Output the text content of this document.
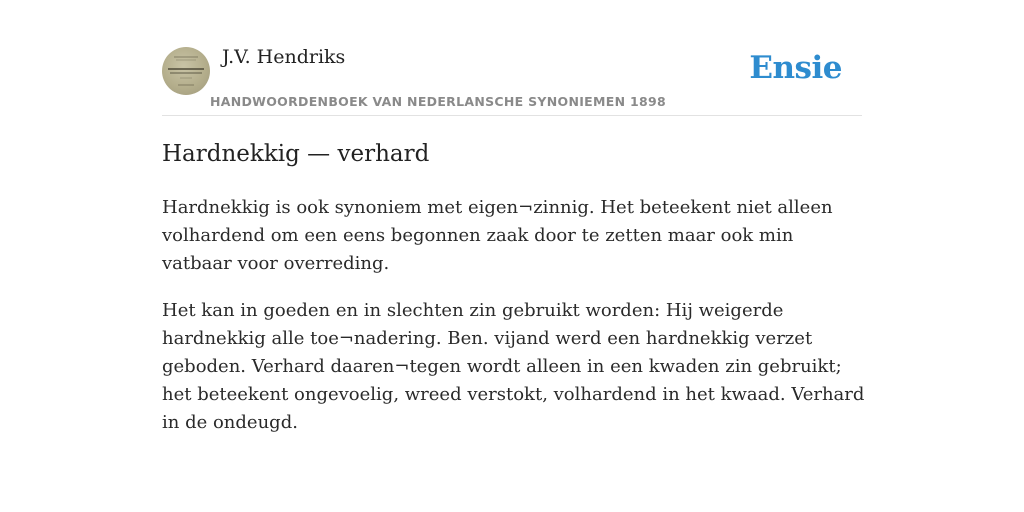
J.V. Hendriks
HANDWOORDENBOEK VAN NEDERLANSCHE SYNONIEMEN 1898
Ensie
Hardnekkig — verhard

Hardnekkig is ook synoniem met eigen¬zinnig. Het beteekent niet alleen volhardend om een eens begonnen zaak door te zetten maar ook min vatbaar voor overreding.

Het kan in goeden en in slechten zin gebruikt worden: Hij weigerde hardnekkig alle toe¬nadering. Ben. vijand werd een hardnekkig verzet geboden. Verhard daaren¬tegen wordt alleen in een kwaden zin gebruikt; het beteekent ongevoelig, wreed verstokt, volhardend in het kwaad. Verhard in de ondeugd.
